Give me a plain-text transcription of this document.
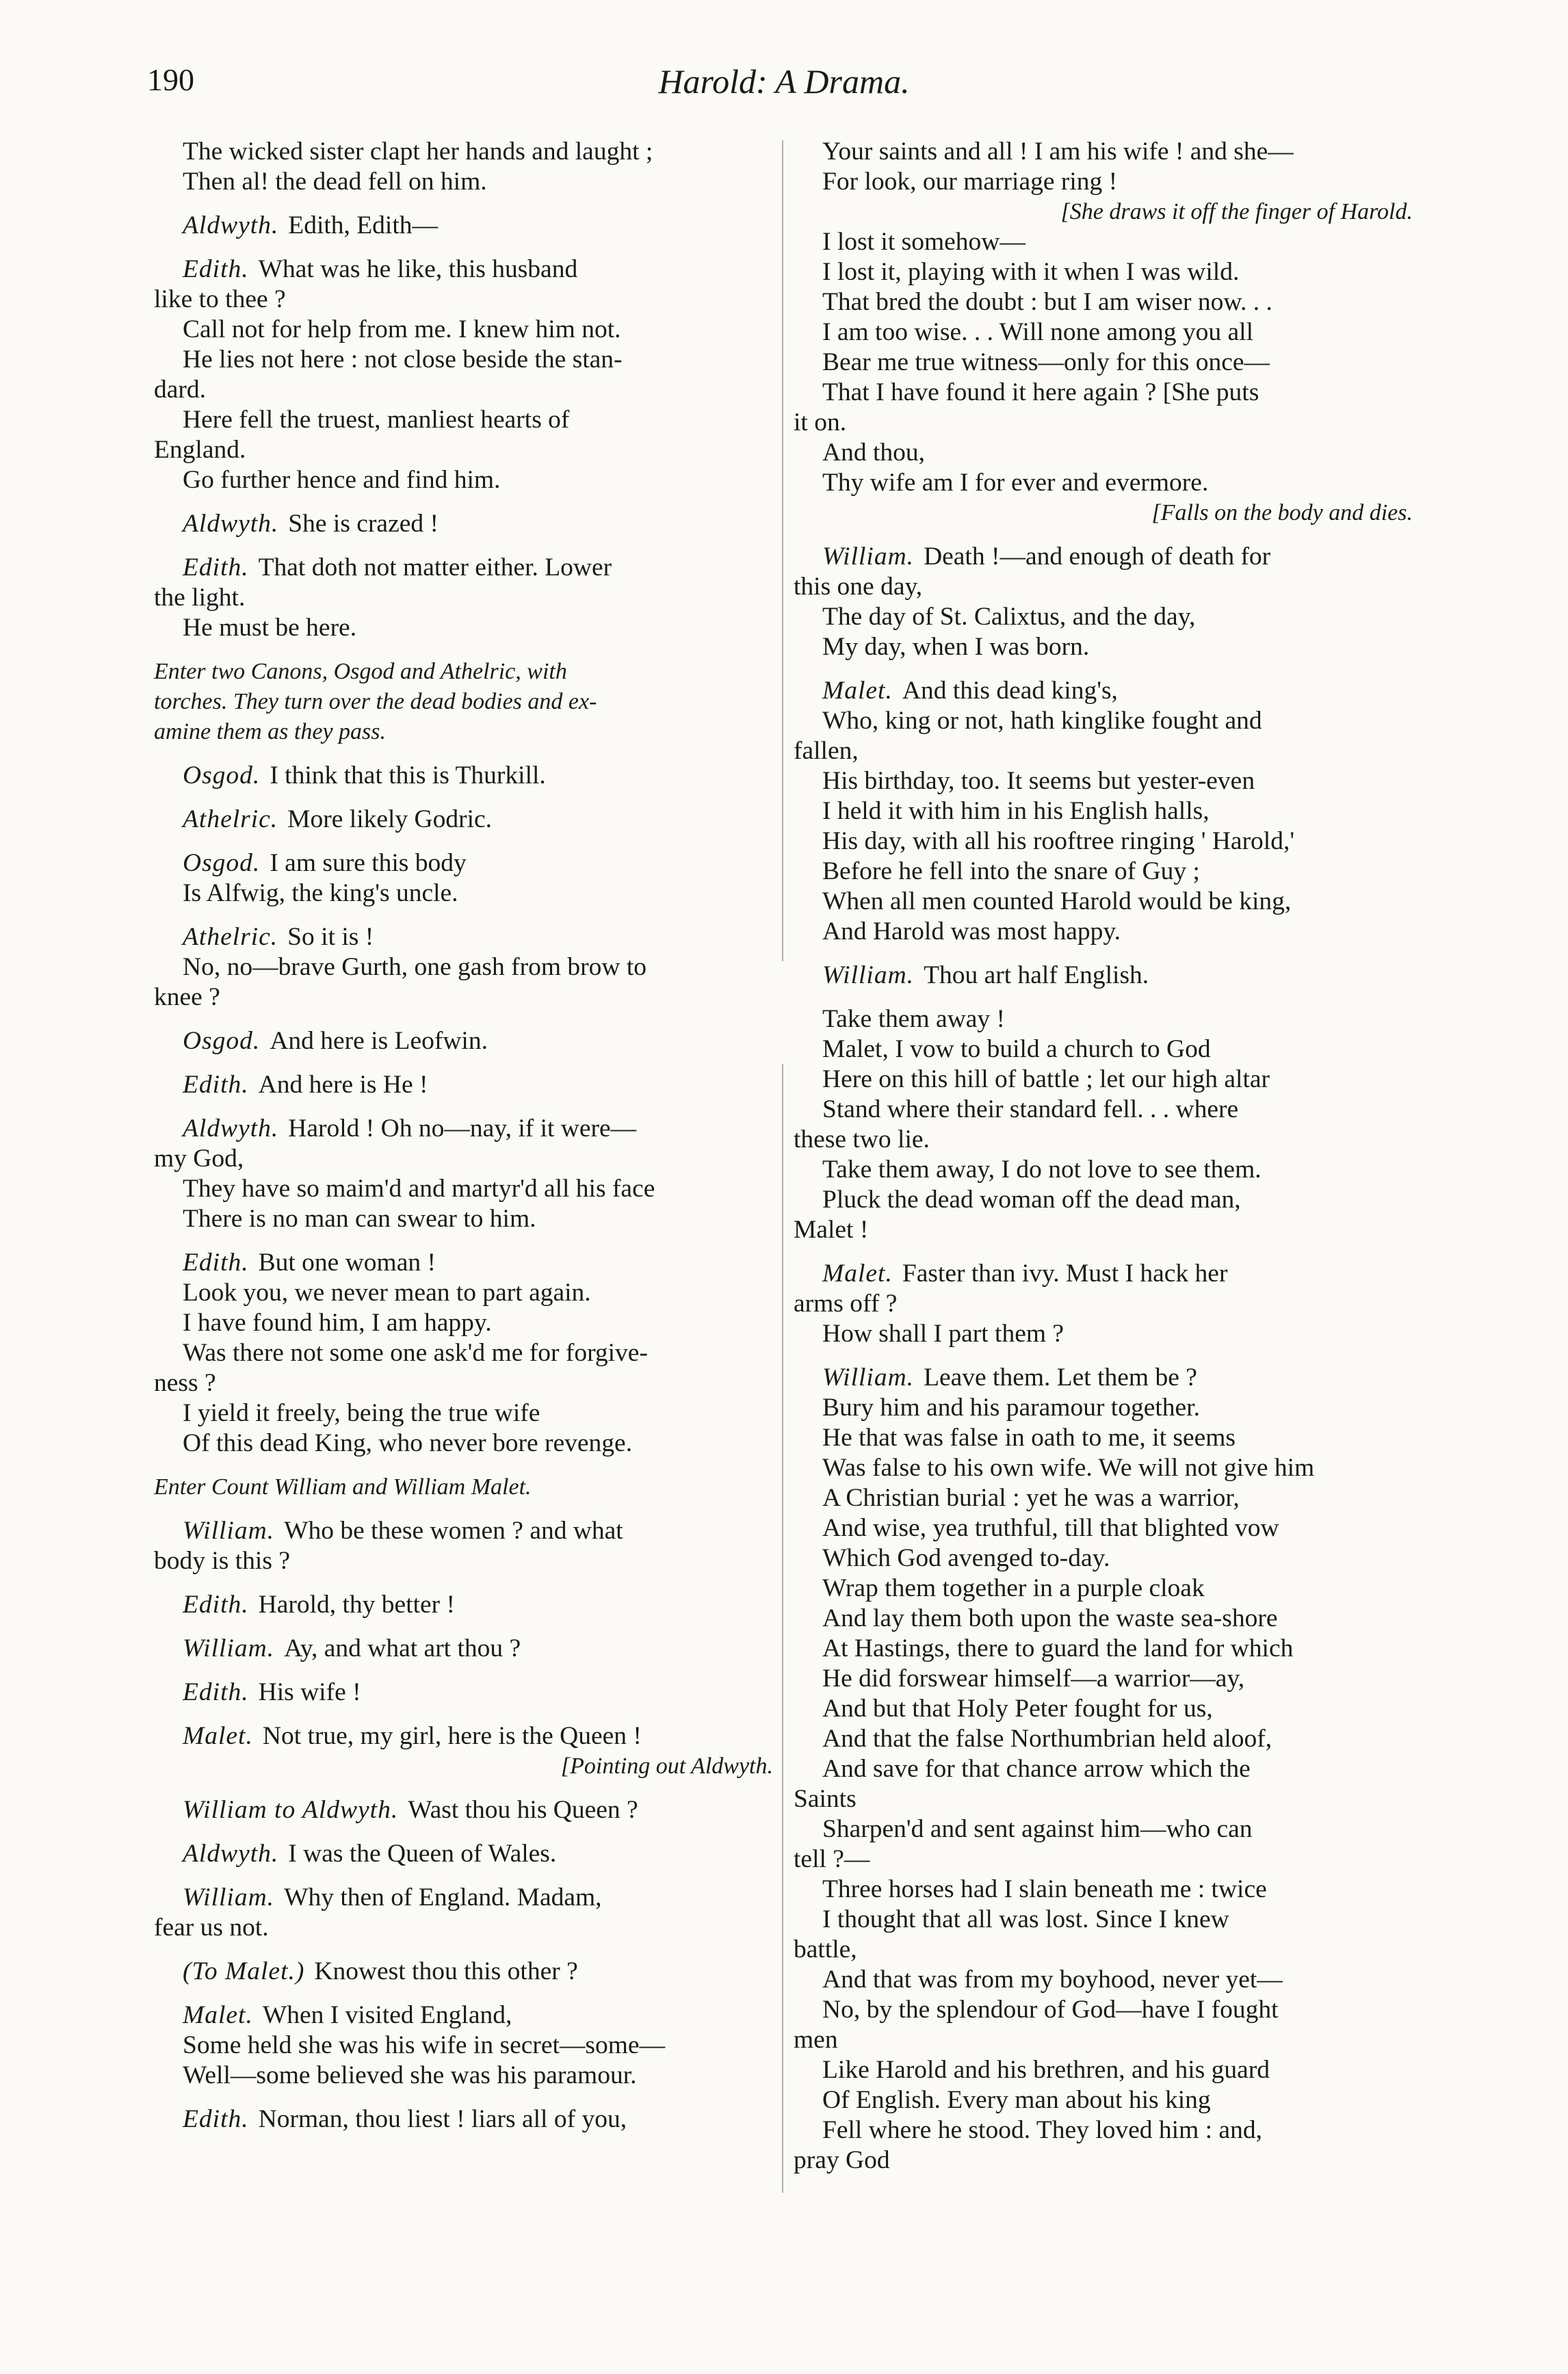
190	Harold: A Drama.
The wicked sister clapt her hands and laught ;
Then al! the dead fell on him.
Aldwyth. Edith, Edith—
Edith. What was he like, this husband
like to thee ?
Call not for help from me. I knew him not.
He lies not here : not close beside the stan-
dard.
Here fell the truest, manliest hearts of
England.
Go further hence and find him.
Aldwyth. She is crazed !
Edith. That doth not matter either. Lower
the light.
He must be here.
Enter two Canons, Osgod and Athelric, with
torches. They turn over the dead bodies and ex-
amine them as they pass.
Osgod. I think that this is Thurkill.
Athelric. More likely Godric.
Osgod. I am sure this body
Is Alfwig, the king's uncle.
Athelric. So it is !
No, no—brave Gurth, one gash from brow to
knee ?
Osgod. And here is Leofwin.
Edith. And here is He !
Aldwyth. Harold ! Oh no—nay, if it were—
my God,
They have so maim'd and martyr'd all his face
There is no man can swear to him.
Edith. But one woman !
Look you, we never mean to part again.
I have found him, I am happy.
Was there not some one ask'd me for forgive-
ness ?
I yield it freely, being the true wife
Of this dead King, who never bore revenge.
Enter Count William and William Malet.
William. Who be these women ? and what
body is this ?
Edith. Harold, thy better !
William. Ay, and what art thou ?
Edith. His wife !
Malet. Not true, my girl, here is the Queen !
[Pointing out Aldwyth.
William to Aldwyth. Wast thou his Queen ?
Aldwyth. I was the Queen of Wales.
William. Why then of England. Madam,
fear us not.
(To Malet.) Knowest thou this other ?
Malet. When I visited England,
Some held she was his wife in secret—some—
Well—some believed she was his paramour.
Edith. Norman, thou liest ! liars all of you,
Your saints and all ! I am his wife ! and she—
For look, our marriage ring !
[She draws it off the finger of Harold.
I lost it somehow—
I lost it, playing with it when I was wild.
That bred the doubt : but I am wiser now. . .
I am too wise. . . Will none among you all
Bear me true witness—only for this once—
That I have found it here again ? [She puts
it on.
And thou,
Thy wife am I for ever and evermore.
[Falls on the body and dies.
William. Death !—and enough of death for
this one day,
The day of St. Calixtus, and the day,
My day, when I was born.
Malet. And this dead king's,
Who, king or not, hath kinglike fought and
fallen,
His birthday, too. It seems but yester-even
I held it with him in his English halls,
His day, with all his rooftree ringing ' Harold,'
Before he fell into the snare of Guy ;
When all men counted Harold would be king,
And Harold was most happy.
William. Thou art half English.
Take them away !
Malet, I vow to build a church to God
Here on this hill of battle ; let our high altar
Stand where their standard fell. . . where
these two lie.
Take them away, I do not love to see them.
Pluck the dead woman off the dead man,
Malet !
Malet. Faster than ivy. Must I hack her
arms off ?
How shall I part them ?
William. Leave them. Let them be ?
Bury him and his paramour together.
He that was false in oath to me, it seems
Was false to his own wife. We will not give him
A Christian burial : yet he was a warrior,
And wise, yea truthful, till that blighted vow
Which God avenged to-day.
Wrap them together in a purple cloak
And lay them both upon the waste sea-shore
At Hastings, there to guard the land for which
He did forswear himself—a warrior—ay,
And but that Holy Peter fought for us,
And that the false Northumbrian held aloof,
And save for that chance arrow which the
Saints
Sharpen'd and sent against him—who can
tell ?—
Three horses had I slain beneath me : twice
I thought that all was lost. Since I knew
battle,
And that was from my boyhood, never yet—
No, by the splendour of God—have I fought
men
Like Harold and his brethren, and his guard
Of English. Every man about his king
Fell where he stood. They loved him : and,
pray God
